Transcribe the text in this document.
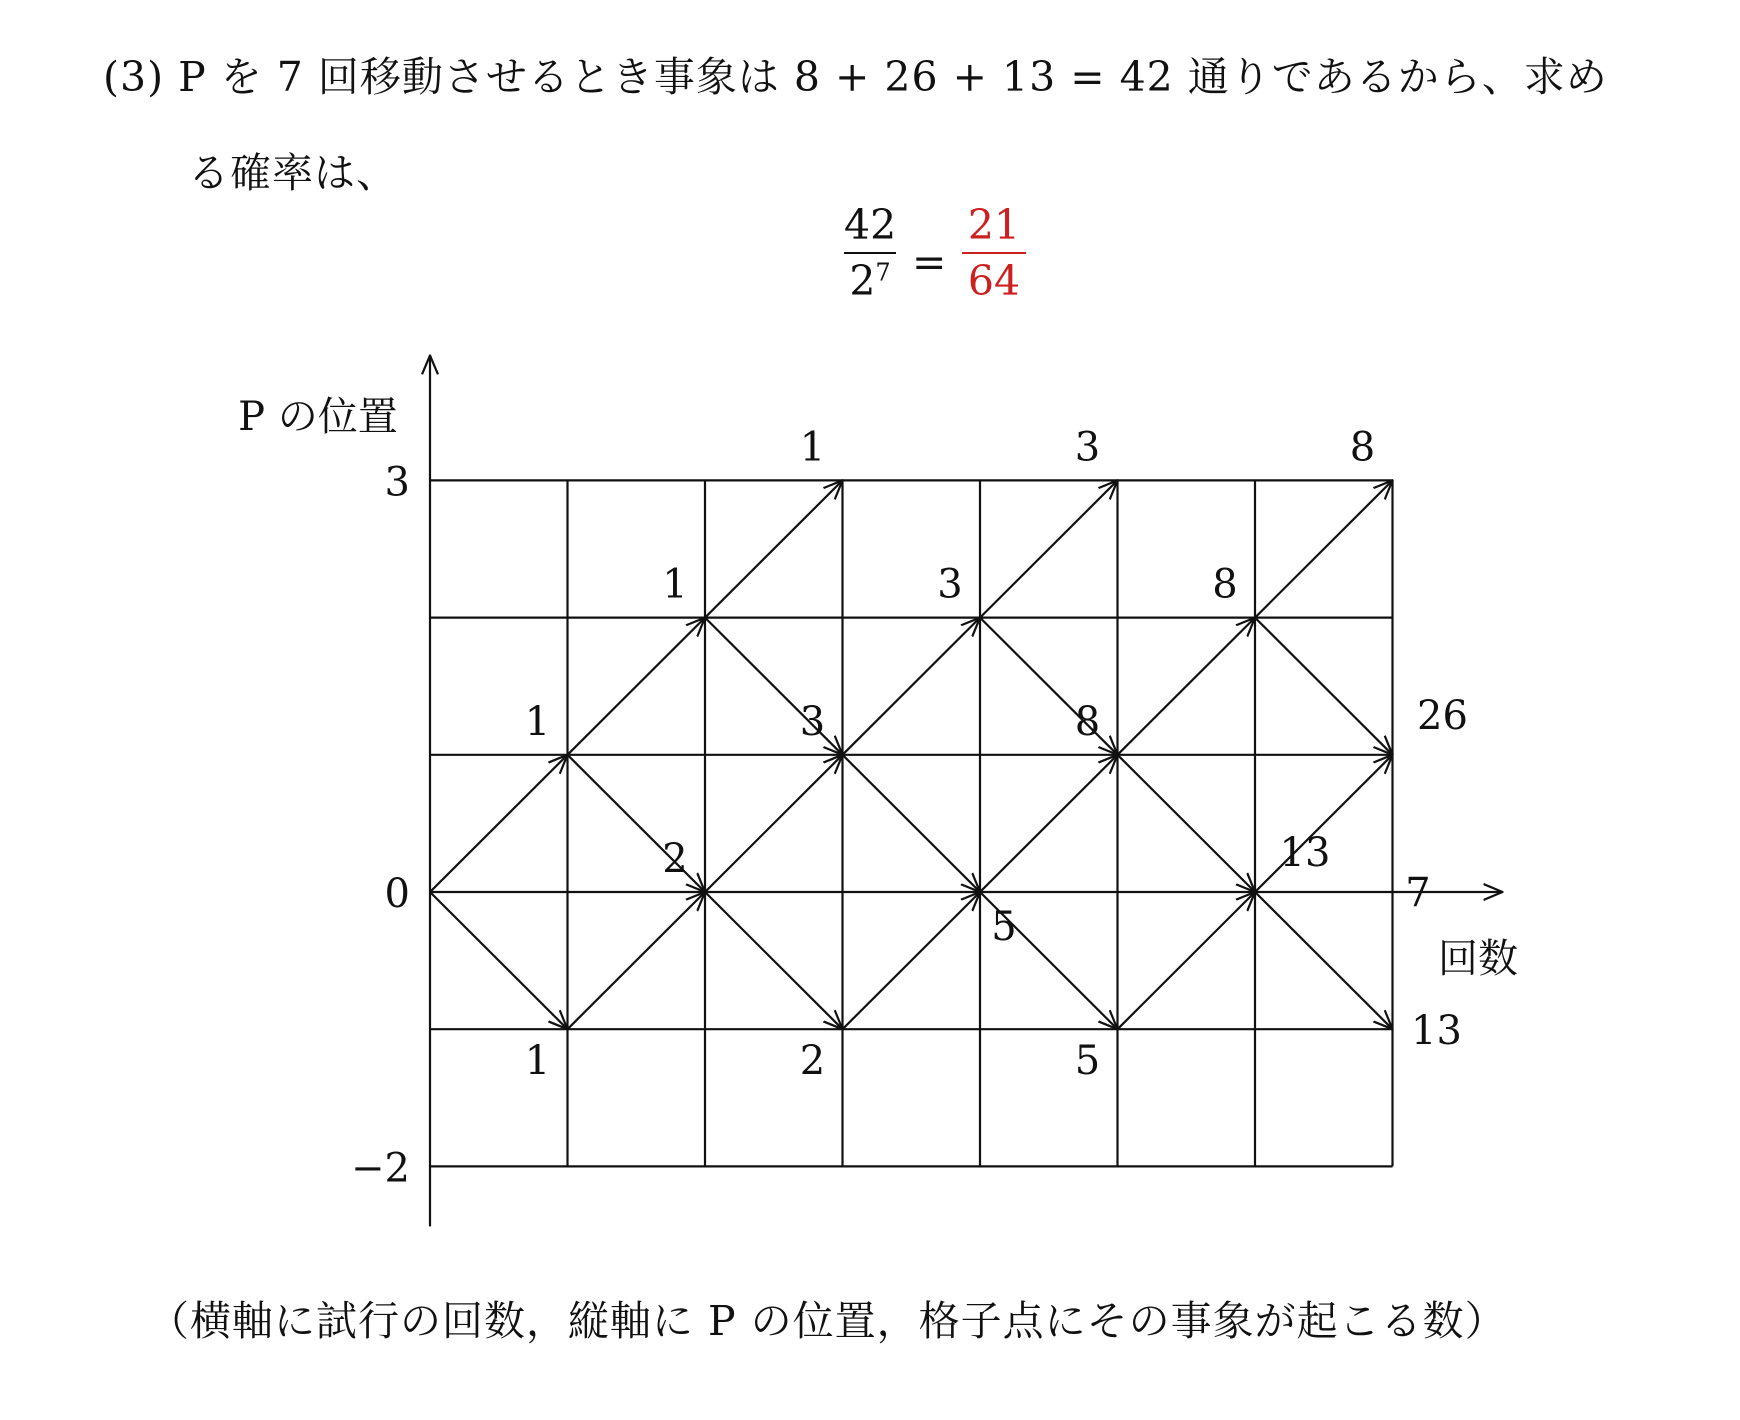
(3) P を 7 回移動させるとき事象は 8 + 26 + 13 = 42 通りであるから、求め
る確率は、
42
$2^7$ =
21
64
P の位置
回数
7
3
0
−2
1
1
1
2
1
3
2
3
5
3
8
5
8
13
8
26
13
（横軸に試行の回数，縦軸に P の位置，格子点にその事象が起こる数）
